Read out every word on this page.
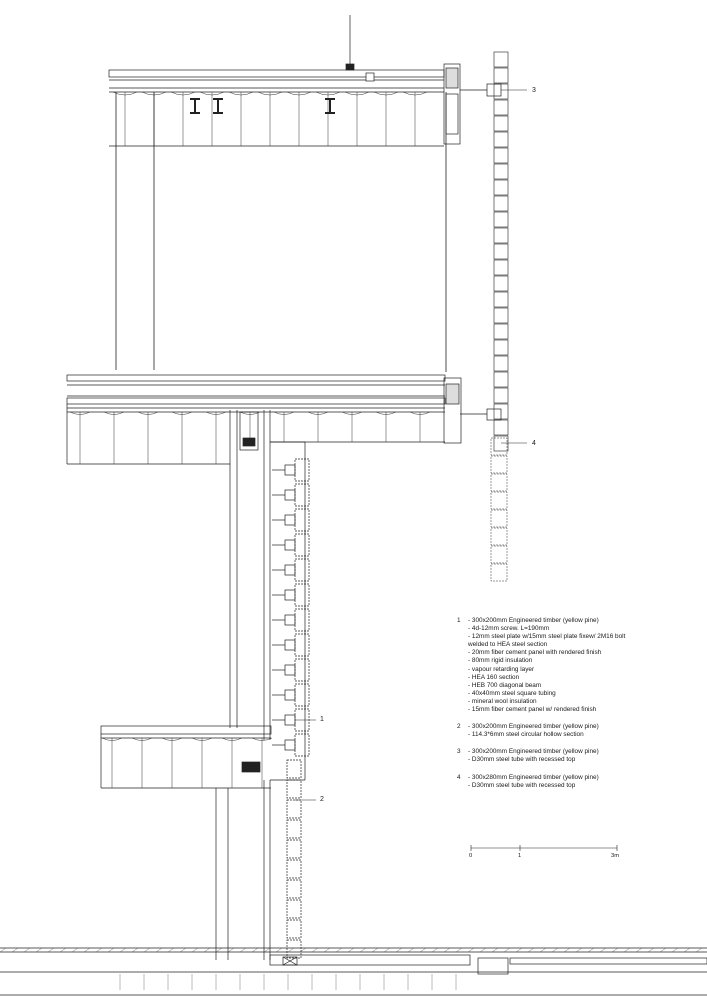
3
4
1
2
1 - 300x200mm Engineered timber (yellow pine)
- 4d-12mm screw. L=190mm
- 12mm steel plate w/15mm steel plate fixew/ 2M16 bolt
welded to HEA steel section
- 20mm fiber cement panel with rendered finish
- 80mm rigid insulation
- vapour retarding layer
- HEA 160 section
- HEB 700 diagonal beam
- 40x40mm steel square tubing
- mineral wool insulation
- 15mm fiber cement panel w/ rendered finish
2 - 300x200mm Engineered timber (yellow pine)
- 114.3*6mm steel circular hollow section
3 - 300x200mm Engineered timber (yellow pine)
- D30mm steel tube with recessed top
4 - 300x280mm Engineered timber (yellow pine)
- D30mm steel tube with recessed top
0	1	3m
